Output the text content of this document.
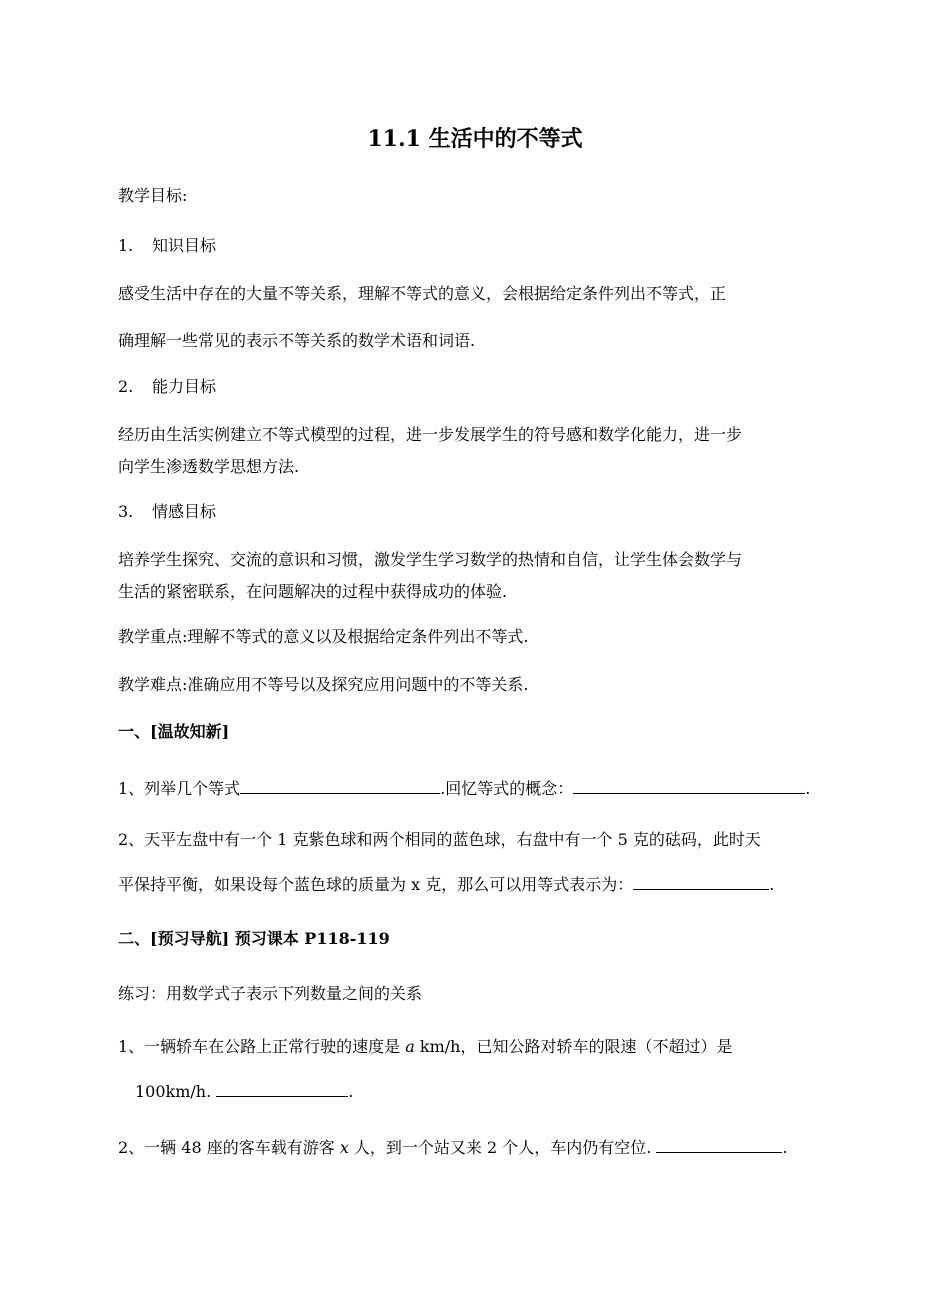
11.1 生活中的不等式
教学目标:
1. 知识目标
感受生活中存在的大量不等关系，理解不等式的意义，会根据给定条件列出不等式，正
确理解一些常见的表示不等关系的数学术语和词语.
2. 能力目标
经历由生活实例建立不等式模型的过程，进一步发展学生的符号感和数学化能力，进一步
向学生渗透数学思想方法.
3. 情感目标
培养学生探究、交流的意识和习惯，激发学生学习数学的热情和自信，让学生体会数学与
生活的紧密联系，在问题解决的过程中获得成功的体验.
教学重点:理解不等式的意义以及根据给定条件列出不等式.
教学难点:准确应用不等号以及探究应用问题中的不等关系.
一、[温故知新]
1、列举几个等式	.回忆等式的概念：	.
2、天平左盘中有一个 1 克紫色球和两个相同的蓝色球，右盘中有一个 5 克的砝码，此时天
平保持平衡，如果设每个蓝色球的质量为 x 克，那么可以用等式表示为：	.
二、[预习导航] 预习课本 P118-119
练习：用数学式子表示下列数量之间的关系
1、一辆轿车在公路上正常行驶的速度是 a km/h，已知公路对轿车的限速（不超过）是
100km/h.	.
2、一辆 48 座的客车载有游客 x 人，到一个站又来 2 个人，车内仍有空位.	.
